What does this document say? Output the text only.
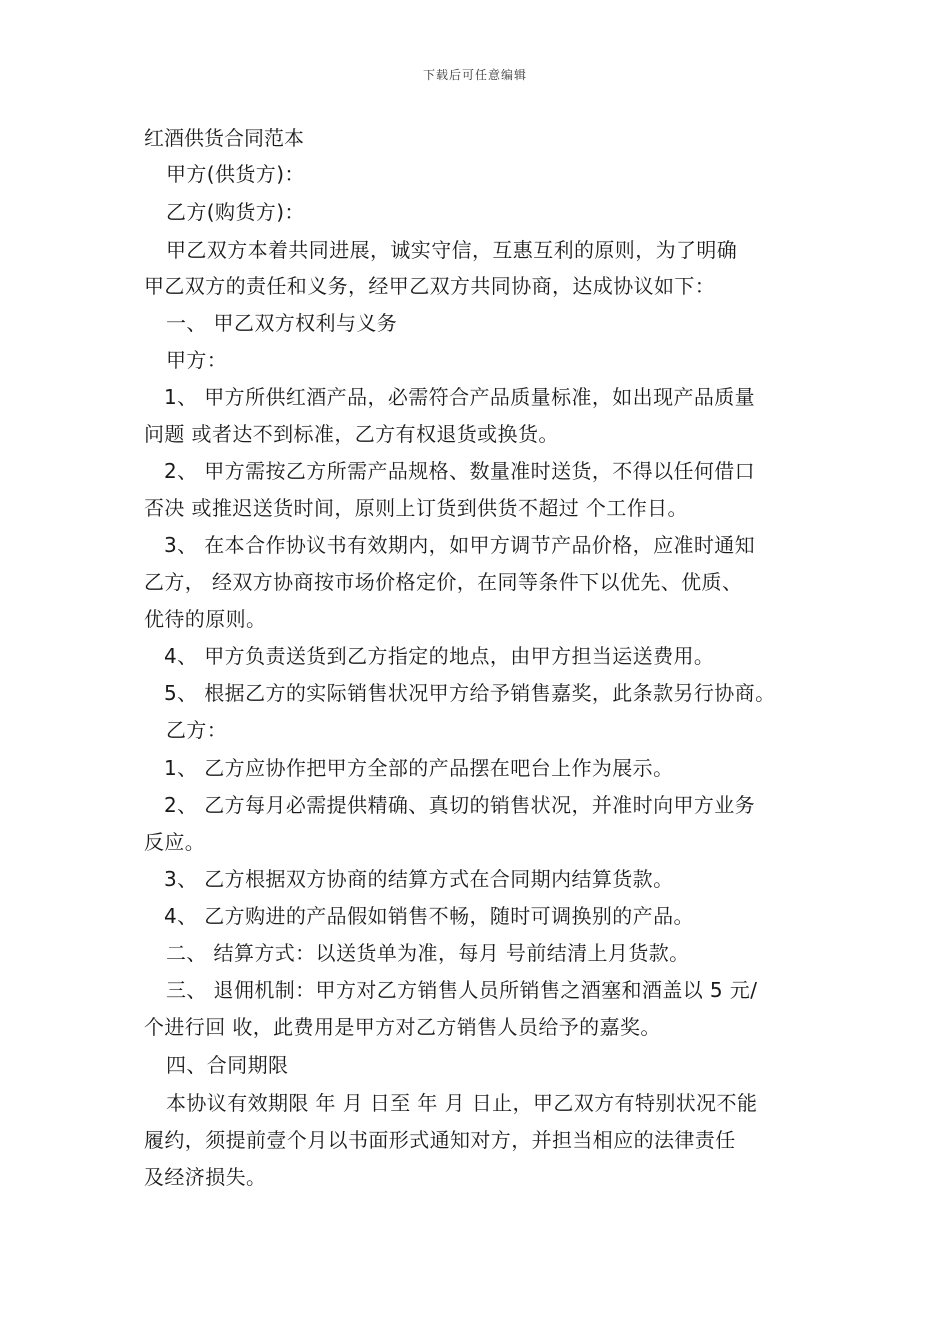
下载后可任意编辑
红酒供货合同范本
甲方(供货方)：
乙方(购货方)：
甲乙双方本着共同进展，诚实守信，互惠互利的原则，为了明确
甲乙双方的责任和义务，经甲乙双方共同协商，达成协议如下：
一、 甲乙双方权利与义务
甲方：
1、 甲方所供红酒产品，必需符合产品质量标准，如出现产品质量
问题 或者达不到标准，乙方有权退货或换货。
2、 甲方需按乙方所需产品规格、数量准时送货，不得以任何借口
否决 或推迟送货时间，原则上订货到供货不超过 个工作日。
3、 在本合作协议书有效期内，如甲方调节产品价格，应准时通知
乙方， 经双方协商按市场价格定价，在同等条件下以优先、优质、
优待的原则。
4、 甲方负责送货到乙方指定的地点，由甲方担当运送费用。
5、 根据乙方的实际销售状况甲方给予销售嘉奖，此条款另行协商。
乙方：
1、 乙方应协作把甲方全部的产品摆在吧台上作为展示。
2、 乙方每月必需提供精确、真切的销售状况，并准时向甲方业务
反应。
3、 乙方根据双方协商的结算方式在合同期内结算货款。
4、 乙方购进的产品假如销售不畅，随时可调换别的产品。
二、 结算方式：以送货单为准，每月 号前结清上月货款。
三、 退佣机制：甲方对乙方销售人员所销售之酒塞和酒盖以 5 元/
个进行回 收，此费用是甲方对乙方销售人员给予的嘉奖。
四、合同期限
本协议有效期限 年 月 日至 年 月 日止，甲乙双方有特别状况不能
履约，须提前壹个月以书面形式通知对方，并担当相应的法律责任
及经济损失。
